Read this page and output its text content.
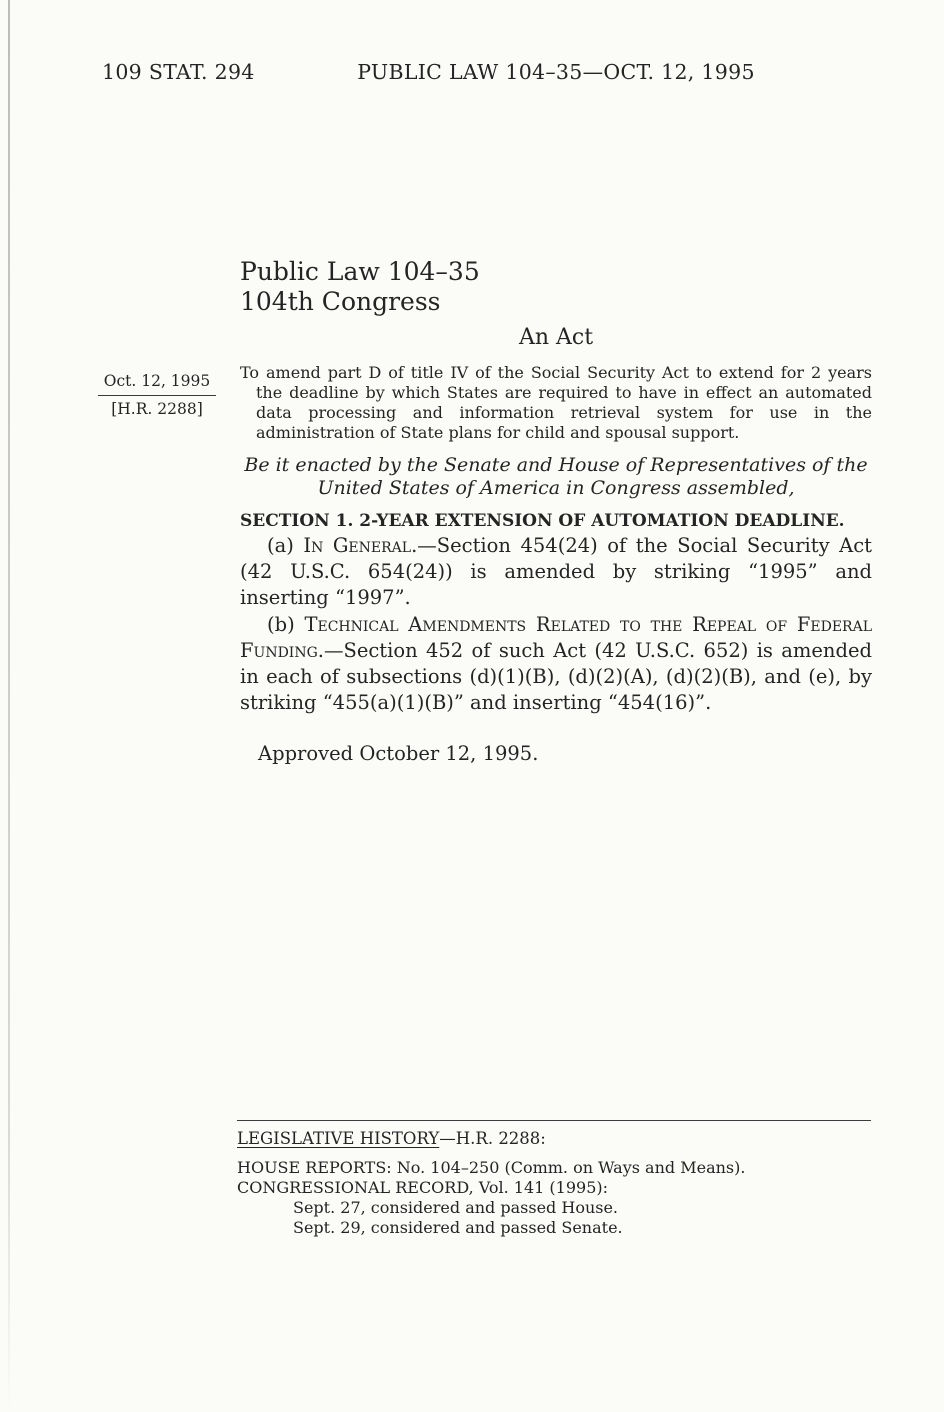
109 STAT. 294	PUBLIC LAW 104–35—OCT. 12, 1995
Oct. 12, 1995
[H.R. 2288]
Public Law 104–35
104th Congress
An Act
To amend part D of title IV of the Social Security Act to extend for 2 years the deadline by which States are required to have in effect an automated data processing and information retrieval system for use in the administration of State plans for child and spousal support.
Be it enacted by the Senate and House of Representatives of the United States of America in Congress assembled,
SECTION 1. 2-YEAR EXTENSION OF AUTOMATION DEADLINE.

(a) In General.—Section 454(24) of the Social Security Act (42 U.S.C. 654(24)) is amended by striking “1995” and inserting “1997”.

(b) Technical Amendments Related to the Repeal of Federal Funding.—Section 452 of such Act (42 U.S.C. 652) is amended in each of subsections (d)(1)(B), (d)(2)(A), (d)(2)(B), and (e), by striking “455(a)(1)(B)” and inserting “454(16)”.

Approved October 12, 1995.
LEGISLATIVE HISTORY—H.R. 2288:
HOUSE REPORTS: No. 104–250 (Comm. on Ways and Means).
CONGRESSIONAL RECORD, Vol. 141 (1995):
Sept. 27, considered and passed House.
Sept. 29, considered and passed Senate.
